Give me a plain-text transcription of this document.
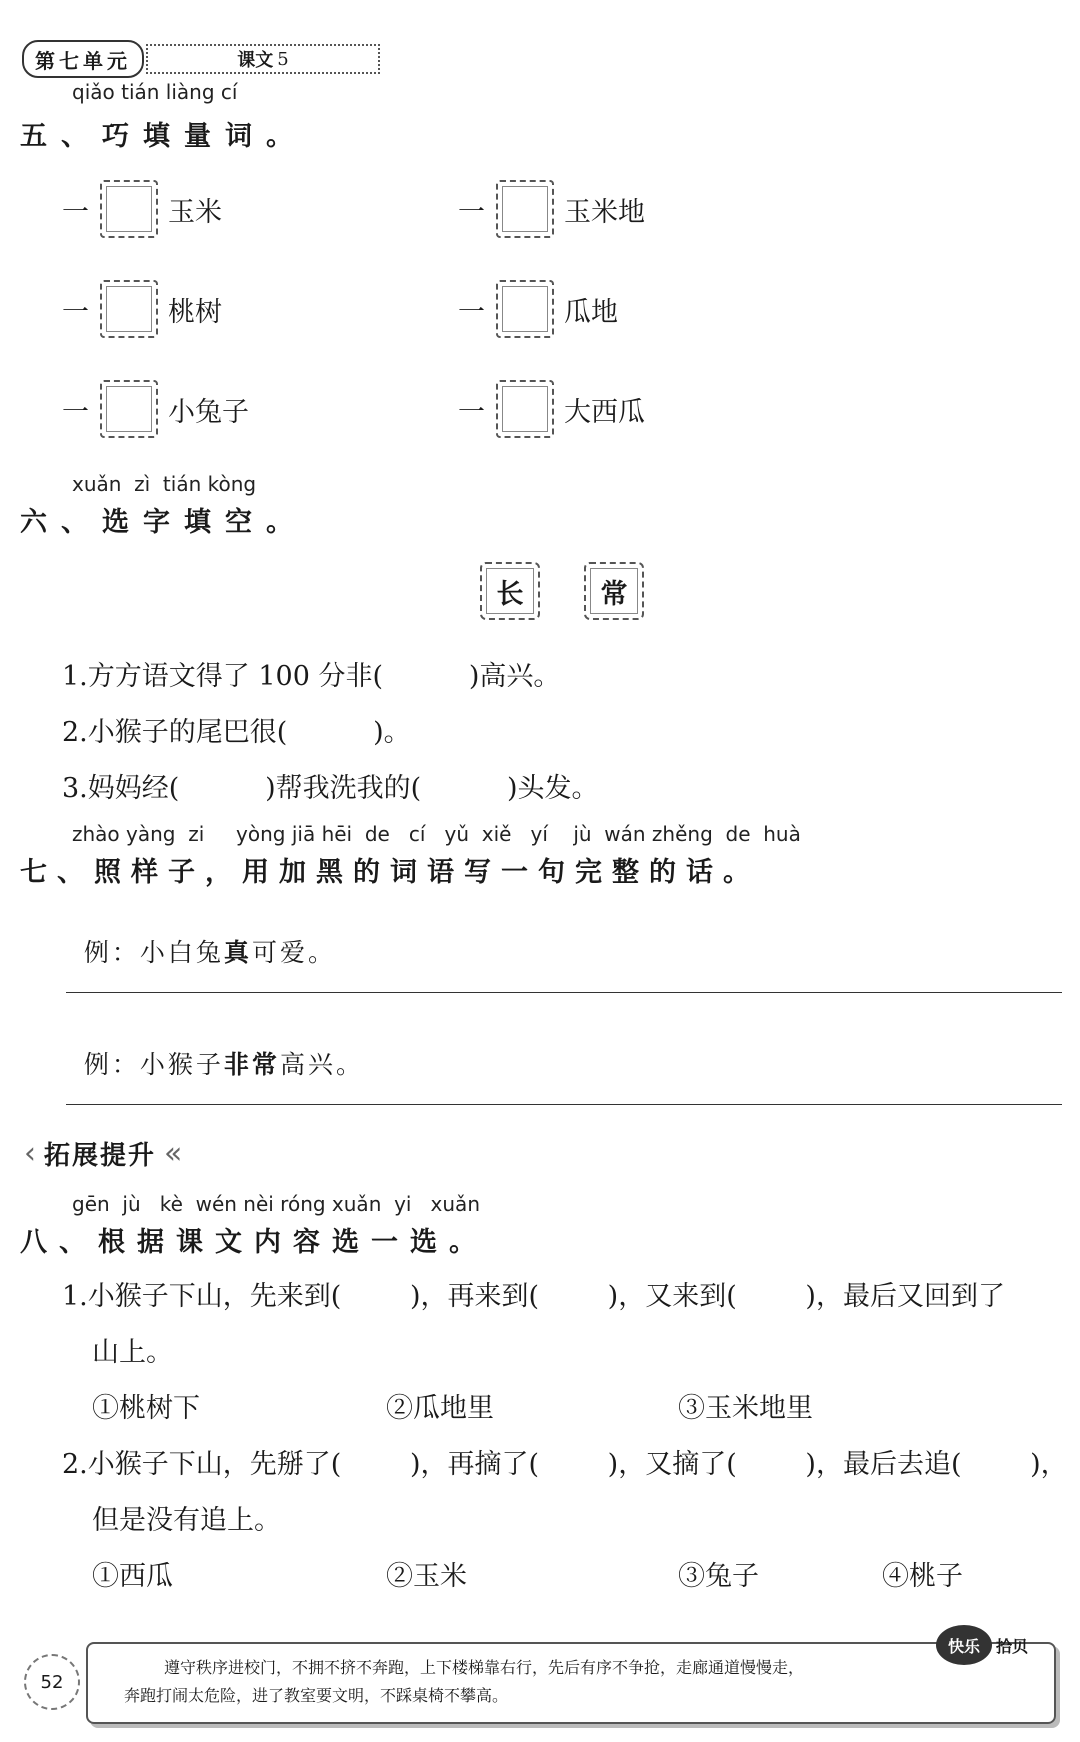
第七单元	课文 5
qiǎo tián liàng cí
五、巧填量词。
一	玉米	一	玉米地
一	桃树	一	瓜地
一	小兔子	一	大西瓜
xuǎn  zì  tián kòng
六、选字填空。
长	常
1.方方语文得了 100 分非(          )高兴。
2.小猴子的尾巴很(          )。
3.妈妈经(          )帮我洗我的(          )头发。
zhào yàng  zi     yòng jiā hēi  de   cí   yǔ  xiě   yí    jù  wán zhěng  de  huà
七、照样子，用加黑的词语写一句完整的话。

例：小白兔真可爱。

例：小猴子非常高兴。

‹ 拓展提升 «
gēn  jù   kè  wén nèi róng xuǎn  yi   xuǎn
八、根据课文内容选一选。
1.小猴子下山，先来到(        )，再来到(        )，又来到(        )，最后又回到了
山上。
①桃树下	②瓜地里	③玉米地里
2.小猴子下山，先掰了(        )，再摘了(        )，又摘了(        )，最后去追(        )，
但是没有追上。
①西瓜	②玉米	③兔子	④桃子
52
遵守秩序进校门，不拥不挤不奔跑，上下楼梯靠右行，先后有序不争抢，走廊通道慢慢走，
奔跑打闹太危险，进了教室要文明，不踩桌椅不攀高。
快乐	拾贝
